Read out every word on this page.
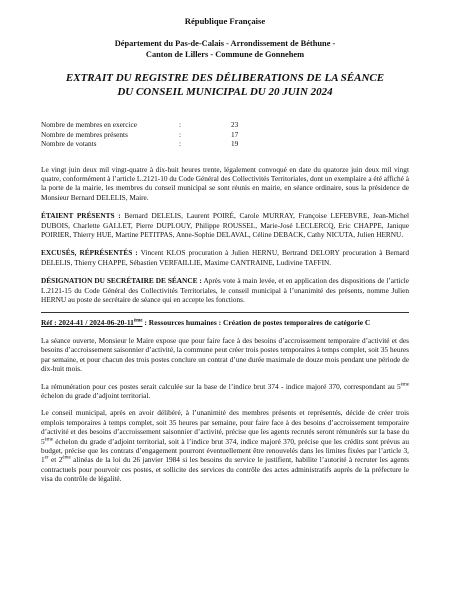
République Française
Département du Pas-de-Calais - Arrondissement de Béthune -
Canton de Lillers - Commune de Gonnehem
EXTRAIT DU REGISTRE DES DÉLIBERATIONS DE LA SÉANCE
DU CONSEIL MUNICIPAL DU 20 JUIN 2024
Nombre de membres en exercice	:	23
Nombre de membres présents	:	17
Nombre de votants	:	19

Le vingt juin deux mil vingt-quatre à dix-huit heures trente, légalement convoqué en date du quatorze juin deux mil vingt quatre, conformément à l’article L.2121-10 du Code Général des Collectivités Territoriales, dont un exemplaire a été affiché à la porte de la mairie, les membres du conseil municipal se sont réunis en mairie, en séance ordinaire, sous la présidence de Monsieur Bernard DELELIS, Maire.

ÉTAIENT PRÉSENTS : Bernard DELELIS, Laurent POIRÉ, Carole MURRAY, Françoise LEFEBVRE, Jean-Michel DUBOIS, Charlette GALLET, Pierre DUPLOUY, Philippe ROUSSEL, Marie-José LECLERCQ, Eric CHAPPE, Janique POIRIER, Thierry HUE, Martine PETITPAS, Anne-Sophie DELAVAL, Céline DEBACK, Cathy NICUTA, Julien HERNU.

EXCUSÉS, RÉPRÉSENTÉS : Vincent KLOS procuration à Julien HERNU, Bertrand DELORY procuration à Bernard DELELIS, Thierry CHAPPE, Sébastien VERFAILLIE, Maxime CANTRAINE, Ludivine TAFFIN.

DÉSIGNATION DU SECRÉTAIRE DE SÉANCE : Après vote à main levée, et en application des dispositions de l’article L.2121-15 du Code Général des Collectivités Territoriales, le conseil municipal à l’unanimité des présents, nomme Julien HERNU au poste de secrétaire de séance qui en accepte les fonctions.

Réf : 2024-41 / 2024-06-20-11ème : Ressources humaines : Création de postes temporaires de catégorie C

La séance ouverte, Monsieur le Maire expose que pour faire face à des besoins d’accroissement temporaire d’activité et des besoins d’accroissement saisonnier d’activité, la commune peut créer trois postes temporaires à temps complet, soit 35 heures par semaine, et pour chacun des trois postes conclure un contrat d’une durée maximale de douze mois pendant une période de dix-huit mois.

La rémunération pour ces postes serait calculée sur la base de l’indice brut 374 - indice majoré 370, correspondant au 5ème échelon du grade d’adjoint territorial.

Le conseil municipal, après en avoir délibéré, à l’unanimité des membres présents et représentés, décide de créer trois emplois temporaires à temps complet, soit 35 heures par semaine, pour faire face à des besoins d’accroissement temporaire d’activité et des besoins d’accroissement saisonnier d’activité, précise que les agents recrutés seront rémunérés sur la base du 5ème échelon du grade d’adjoint territorial, soit à l’indice brut 374, indice majoré 370, précise que les crédits sont prévus au budget, précise que les contrats d’engagement pourront éventuellement être renouvelés dans les limites fixées par l’article 3, 1er et 2ème alinéas de la loi du 26 janvier 1984 si les besoins du service le justifient, habilite l’autorité à recruter les agents contractuels pour pourvoir ces postes, et sollicite des services du contrôle des actes administratifs auprès de la préfecture le visa du contrôle de légalité.
